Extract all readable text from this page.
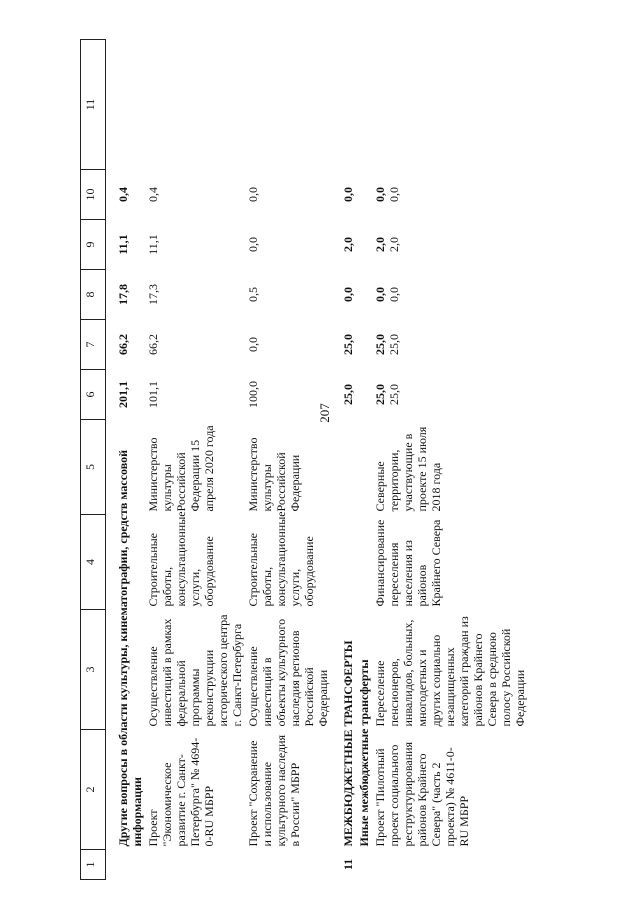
207
1	2	3	4	5	6	7	8	9	10	11
	Другие вопросы в области культуры, кинематографии, средств массовой информации				201,1	66,2	17,8	11,1	0,4	
	Проект "Экономическое развитие г. Санкт-Петербурга" № 4694-0-RU МБРР	Осуществление инвестиций в рамках федеральной программы реконструкции исторического центра г. Санкт-Петербурга	Строительные работы, консультационные услуги, оборудование	Министерство культуры Российской Федерации 15 апреля 2020 года	101,1	66,2	17,3	11,1	0,4	
	Проект "Сохранение и использование культурного наследия в России" МБРР	Осуществление инвестиций в объекты культурного наследия регионов Российской Федерации	Строительные работы, консультационные услуги, оборудование	Министерство культуры Российской Федерации	100,0	0,0	0,5	0,0	0,0	
11	МЕЖБЮДЖЕТНЫЕ ТРАНСФЕРТЫ				25,0	25,0	0,0	2,0	0,0	
	Иные межбюджетные трансферты									
	Проект "Пилотный проект социального реструктурирования районов Крайнего Севера" (часть 2 проекта) № 4611-0-RU МБРР	Переселение пенсионеров, инвалидов, больных, многодетных и других социально незащищенных категорий граждан из районов Крайнего Севера в среднюю полосу Российской Федерации	Финансирование переселения населения из районов Крайнего Севера	Северные территории, участвующие в проекте 15 июля 2018 года	25,0 25,0	25,0 25,0	0,0 0,0	2,0 2,0	0,0 0,0	
